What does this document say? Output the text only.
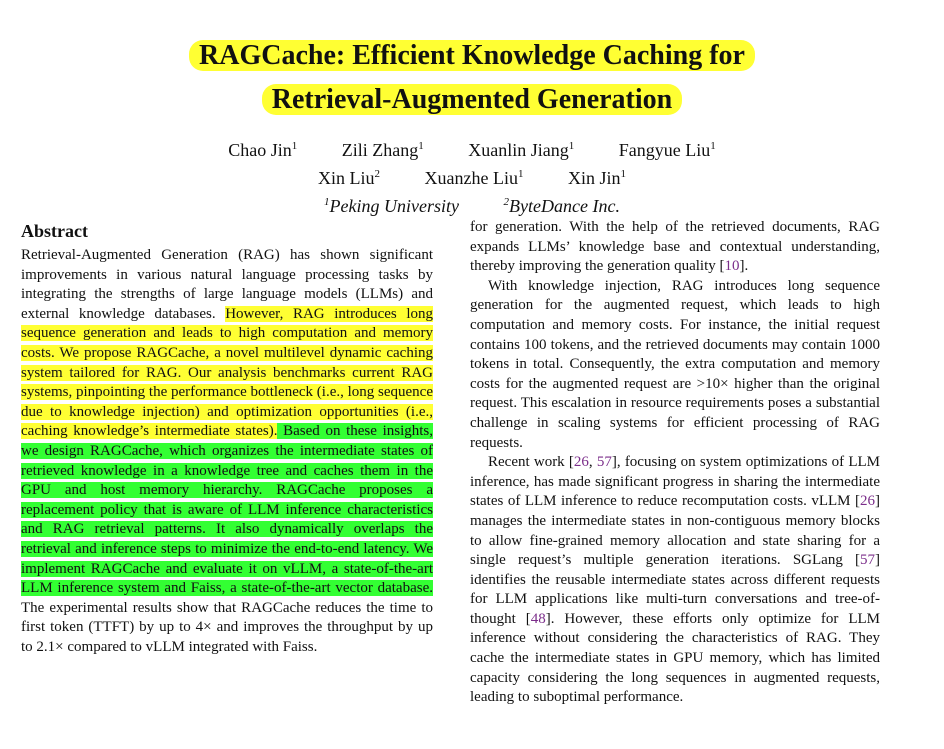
RAGCache: Efficient Knowledge Caching for
Retrieval-Augmented Generation
Chao Jin$^1$ Zili Zhang$^1$ Xuanlin Jiang$^1$ Fangyue Liu$^1$
Xin Liu$^2$ Xuanzhe Liu$^1$ Xin Jin$^1$
$^1$Peking University	$^2$ByteDance Inc.
Abstract

Retrieval-Augmented Generation (RAG) has shown significant improvements in various natural language processing tasks by integrating the strengths of large language models (LLMs) and external knowledge databases. However, RAG introduces long sequence generation and leads to high computation and memory costs. We propose RAGCache, a novel multilevel dynamic caching system tailored for RAG. Our analysis benchmarks current RAG systems, pinpointing the performance bottleneck (i.e., long sequence due to knowledge injection) and optimization opportunities (i.e., caching knowledge’s intermediate states). Based on these insights, we design RAGCache, which organizes the intermediate states of retrieved knowledge in a knowledge tree and caches them in the GPU and host memory hierarchy. RAGCache proposes a replacement policy that is aware of LLM inference characteristics and RAG retrieval patterns. It also dynamically overlaps the retrieval and inference steps to minimize the end-to-end latency. We implement RAGCache and evaluate it on vLLM, a state-of-the-art LLM inference system and Faiss, a state-of-the-art vector database. The experimental results show that RAGCache reduces the time to first token (TTFT) by up to 4× and improves the throughput by up to 2.1× compared to vLLM integrated with Faiss.

for generation. With the help of the retrieved documents, RAG expands LLMs’ knowledge base and contextual understanding, thereby improving the generation quality [10].

With knowledge injection, RAG introduces long sequence generation for the augmented request, which leads to high computation and memory costs. For instance, the initial request contains 100 tokens, and the retrieved documents may contain 1000 tokens in total. Consequently, the extra computation and memory costs for the augmented request are >10× higher than the original request. This escalation in resource requirements poses a substantial challenge in scaling systems for efficient processing of RAG requests.

Recent work [26, 57], focusing on system optimizations of LLM inference, has made significant progress in sharing the intermediate states of LLM inference to reduce recomputation costs. vLLM [26] manages the intermediate states in non-contiguous memory blocks to allow fine-grained memory allocation and state sharing for a single request’s multiple generation iterations. SGLang [57] identifies the reusable intermediate states across different requests for LLM applications like multi-turn conversations and tree-of-thought [48]. However, these efforts only optimize for LLM inference without considering the characteristics of RAG. They cache the intermediate states in GPU memory, which has limited capacity considering the long sequences in augmented requests, leading to suboptimal performance.
